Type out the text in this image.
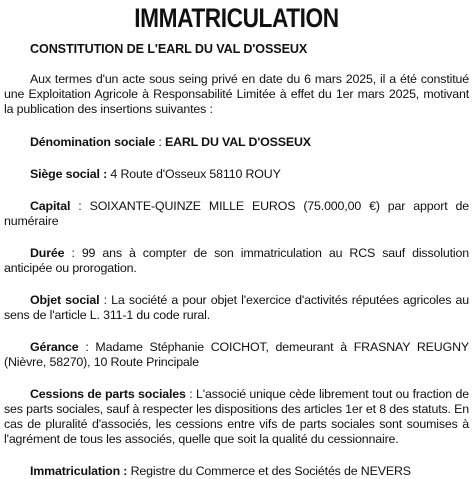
IMMATRICULATION
CONSTITUTION DE L'EARL DU VAL D'OSSEUX

Aux termes d'un acte sous seing privé en date du 6 mars 2025, il a été constitué une Exploitation Agricole à Responsabilité Limitée à effet du 1er mars 2025, motivant la publication des insertions suivantes :

Dénomination sociale : EARL DU VAL D'OSSEUX

Siège social : 4 Route d'Osseux 58110 ROUY

Capital : SOIXANTE-QUINZE MILLE EUROS (75.000,00 €) par apport de numéraire

Durée : 99 ans à compter de son immatriculation au RCS sauf dissolution anticipée ou prorogation.

Objet social : La société a pour objet l'exercice d'activités réputées agricoles au sens de l'article L. 311-1 du code rural.

Gérance : Madame Stéphanie COICHOT, demeurant à FRASNAY REUGNY (Nièvre, 58270), 10 Route Principale

Cessions de parts sociales : L'associé unique cède librement tout ou fraction de ses parts sociales, sauf à respecter les dispositions des articles 1er et 8 des statuts. En cas de pluralité d'associés, les cessions entre vifs de parts sociales sont soumises à l'agrément de tous les associés, quelle que soit la qualité du cessionnaire.

Immatriculation : Registre du Commerce et des Sociétés de NEVERS
